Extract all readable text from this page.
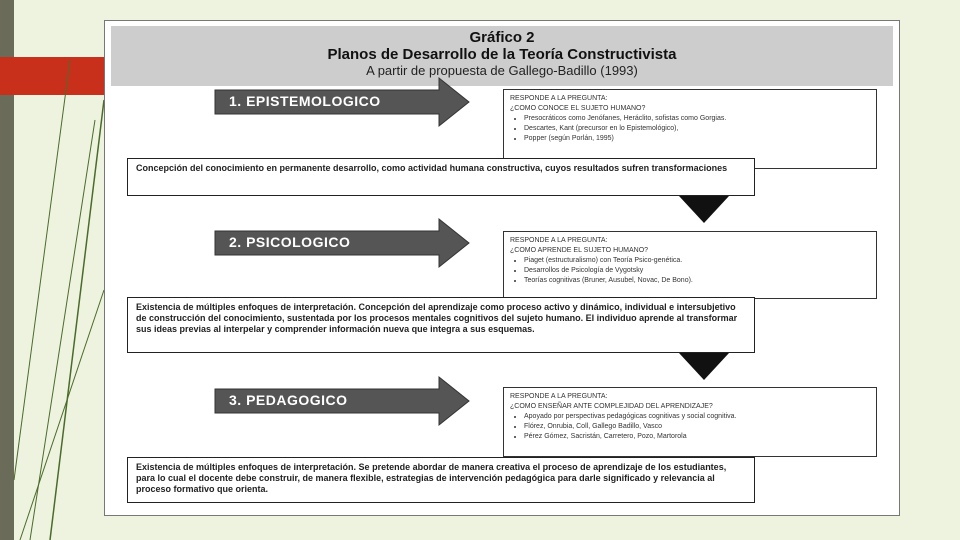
Gráfico 2
Planos de Desarrollo de la Teoría Constructivista
A partir de propuesta de Gallego-Badillo (1993)
1. EPISTEMOLOGICO	RESPONDE A LA PREGUNTA:
¿COMO CONOCE EL SUJETO HUMANO?
• Presocráticos como Jenófanes, Heráclito, sofistas como Gorgias.
• Descartes, Kant (precursor en lo Epistemológico),
• Popper (según Porlán, 1995)
Concepción del conocimiento en permanente desarrollo, como actividad humana constructiva, cuyos resultados sufren transformaciones
2. PSICOLOGICO	RESPONDE A LA PREGUNTA:
¿COMO APRENDE EL SUJETO HUMANO?
• Piaget (estructuralismo) con Teoría Psico-genética.
• Desarrollos de Psicología de Vygotsky
• Teorías cognitivas (Bruner, Ausubel, Novac, De Bono).
Existencia de múltiples enfoques de interpretación. Concepción del aprendizaje como proceso activo y dinámico, individual e intersubjetivo de construcción del conocimiento, sustentada por los procesos mentales cognitivos del sujeto humano. El individuo aprende al transformar sus ideas previas al interpelar y comprender información nueva que integra a sus esquemas.
3. PEDAGOGICO	RESPONDE A LA PREGUNTA:
¿COMO ENSEÑAR ANTE COMPLEJIDAD DEL APRENDIZAJE?
• Apoyado por perspectivas pedagógicas cognitivas y social cognitiva.
• Flórez, Onrubia, Coll, Gallego Badillo, Vasco
• Pérez Gómez, Sacristán, Carretero, Pozo, Martorola
Existencia de múltiples enfoques de interpretación. Se pretende abordar de manera creativa el proceso de aprendizaje de los estudiantes, para lo cual el docente debe construir, de manera flexible, estrategias de intervención pedagógica para darle significado y relevancia al proceso formativo que orienta.
